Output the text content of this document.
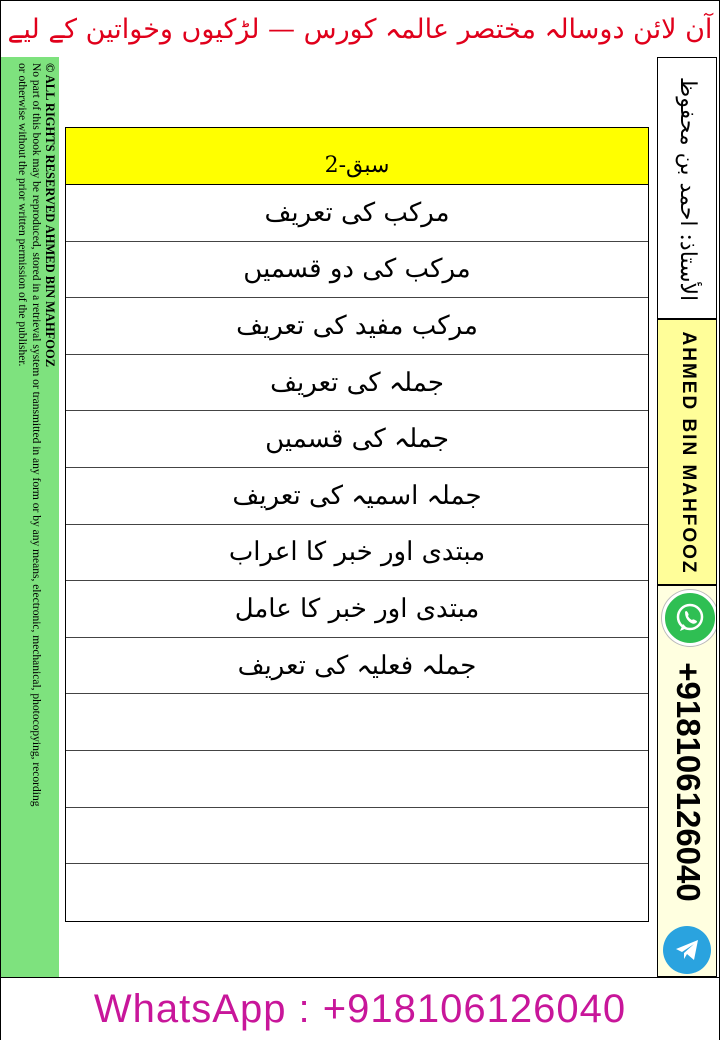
آن لائن دوسالہ مختصر عالمہ کورس — لڑکیوں وخواتین کے لیے
© ALL RIGHTS RESERVED AHMED BIN MAHFOOZ
No part of this book may be reproduced, stored in a retrieval system or transmitted in any form or by any means, electronic, mechanical, photocopying, recording
or otherwise without the prior written permission of the publisher.	سبق-2
مرکب کی تعریف
مرکب کی دو قسمیں
مرکب مفید کی تعریف
جملہ کی تعریف
جملہ کی قسمیں
جملہ اسمیہ کی تعریف
مبتدی اور خبر کا اعراب
مبتدی اور خبر کا عامل
جملہ فعلیہ کی تعریف
الأستاذ: احمد بن محفوظ
AHMED BIN MAHFOOZ
+918106126040
WhatsApp : +918106126040
